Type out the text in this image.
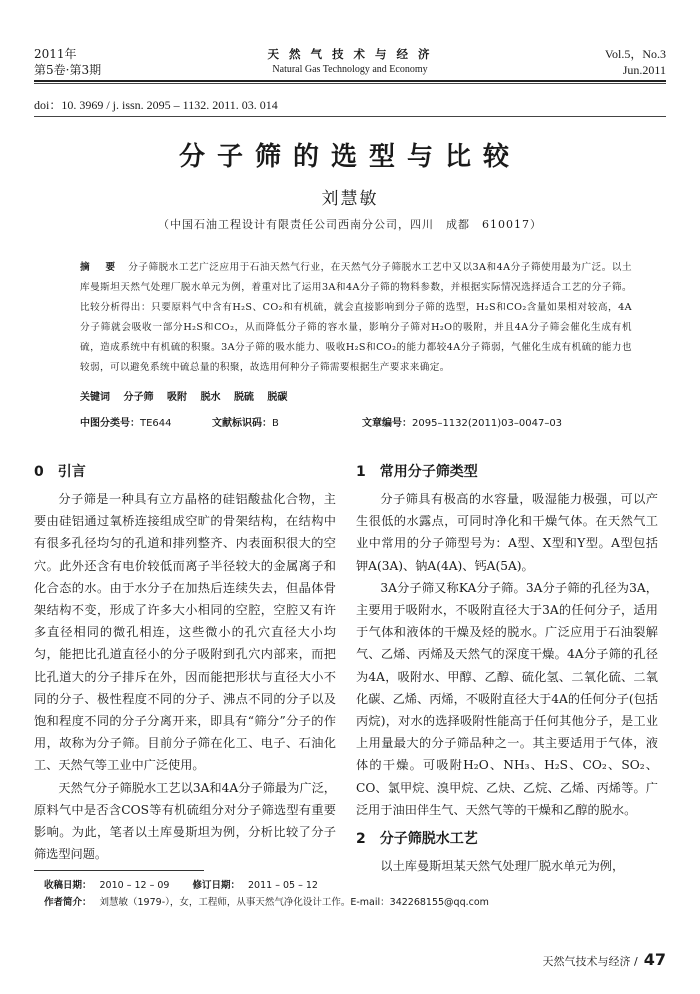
2011年
第5卷·第3期
天 然 气 技 术 与 经 济
Natural Gas Technology and Economy
Vol.5，No.3
Jun.2011
doi：10. 3969 / j. issn. 2095 – 1132. 2011. 03. 014
分子筛的选型与比较
刘慧敏
（中国石油工程设计有限责任公司西南分公司，四川　成都　610017）
摘　要 分子筛脱水工艺广泛应用于石油天然气行业，在天然气分子筛脱水工艺中又以3A和4A分子筛使用最为广泛。以土库曼斯坦天然气处理厂脱水单元为例，着重对比了运用3A和4A分子筛的物料参数，并根据实际情况选择适合工艺的分子筛。比较分析得出：只要原料气中含有H₂S、CO₂和有机硫，就会直接影响到分子筛的选型，H₂S和CO₂含量如果相对较高，4A分子筛就会吸收一部分H₂S和CO₂，从而降低分子筛的容水量，影响分子筛对H₂O的吸附，并且4A分子筛会催化生成有机硫，造成系统中有机硫的积聚。3A分子筛的吸水能力、吸收H₂S和CO₂的能力都较4A分子筛弱，气催化生成有机硫的能力也较弱，可以避免系统中硫总量的积聚，故选用何种分子筛需要根据生产要求来确定。
关键词 分子筛 吸附 脱水 脱硫 脱碳
中图分类号：TE644	文献标识码：B	文章编号：2095–1132(2011)03–0047–03
0 引言

分子筛是一种具有立方晶格的硅铝酸盐化合物，主要由硅铝通过氧桥连接组成空旷的骨架结构，在结构中有很多孔径均匀的孔道和排列整齐、内表面积很大的空穴。此外还含有电价较低而离子半径较大的金属离子和化合态的水。由于水分子在加热后连续失去，但晶体骨架结构不变，形成了许多大小相同的空腔，空腔又有许多直径相同的微孔相连，这些微小的孔穴直径大小均匀，能把比孔道直径小的分子吸附到孔穴内部来，而把比孔道大的分子排斥在外，因而能把形状与直径大小不同的分子、极性程度不同的分子、沸点不同的分子以及饱和程度不同的分子分离开来，即具有“筛分”分子的作用，故称为分子筛。目前分子筛在化工、电子、石油化工、天然气等工业中广泛使用。

天然气分子筛脱水工艺以3A和4A分子筛最为广泛，原料气中是否含COS等有机硫组分对分子筛选型有重要影响。为此，笔者以土库曼斯坦为例，分析比较了分子筛选型问题。

1 常用分子筛类型

分子筛具有极高的水容量，吸湿能力极强，可以产生很低的水露点，可同时净化和干燥气体。在天然气工业中常用的分子筛型号为：A型、X型和Y型。A型包括钾A(3A)、钠A(4A)、钙A(5A)。

3A分子筛又称KA分子筛。3A分子筛的孔径为3A，主要用于吸附水，不吸附直径大于3A的任何分子，适用于气体和液体的干燥及烃的脱水。广泛应用于石油裂解气、乙烯、丙烯及天然气的深度干燥。4A分子筛的孔径为4A，吸附水、甲醇、乙醇、硫化氢、二氧化硫、二氧化碳、乙烯、丙烯，不吸附直径大于4A的任何分子(包括丙烷)，对水的选择吸附性能高于任何其他分子，是工业上用量最大的分子筛品种之一。其主要适用于气体，液体的干燥。可吸附H₂O、NH₃、H₂S、CO₂、SO₂、CO、氯甲烷、溴甲烷、乙炔、乙烷、乙烯、丙烯等。广泛用于油田伴生气、天然气等的干燥和乙醇的脱水。

2 分子筛脱水工艺

以土库曼斯坦某天然气处理厂脱水单元为例，

收稿日期： 2010 – 12 – 09 修订日期： 2011 – 05 – 12
作者简介： 刘慧敏（1979-），女，工程师，从事天然气净化设计工作。E-mail：342268155@qq.com
天然气技术与经济 / 47
